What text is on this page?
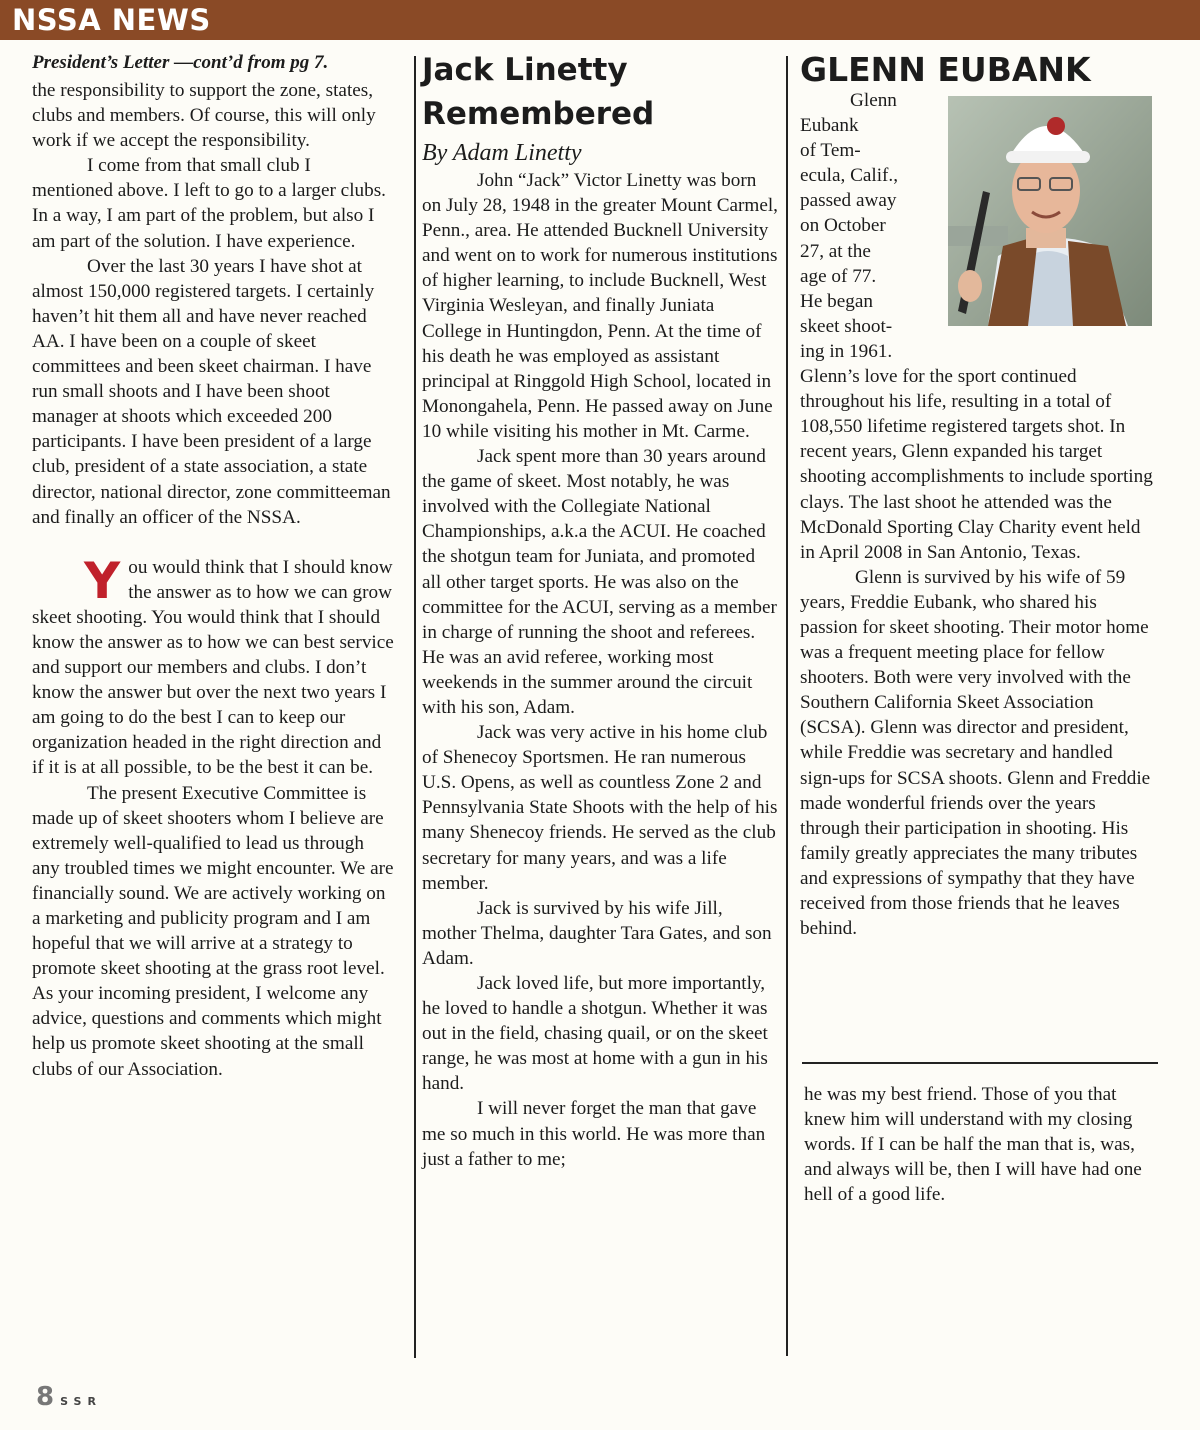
NSSA NEWS
President’s Letter —cont’d from pg 7.

the responsibility to support the zone, states, clubs and members. Of course, this will only work if we accept the responsibility.

I come from that small club I mentioned above. I left to go to a larger clubs. In a way, I am part of the problem, but also I am part of the solution. I have experience.

Over the last 30 years I have shot at almost 150,000 registered targets. I certainly haven’t hit them all and have never reached AA. I have been on a couple of skeet committees and been skeet chairman. I have run small shoots and I have been shoot manager at shoots which exceeded 200 participants. I have been president of a large club, president of a state association, a state director, national director, zone committeeman and finally an officer of the NSSA.

You would think that I should know the answer as to how we can grow skeet shooting. You would think that I should know the answer as to how we can best service and support our members and clubs. I don’t know the answer but over the next two years I am going to do the best I can to keep our organization headed in the right direction and if it is at all possible, to be the best it can be.

The present Executive Committee is made up of skeet shooters whom I believe are extremely well-qualified to lead us through any troubled times we might encounter. We are financially sound. We are actively working on a marketing and publicity program and I am hopeful that we will arrive at a strategy to promote skeet shooting at the grass root level. As your incoming president, I welcome any advice, questions and comments which might help us promote skeet shooting at the small clubs of our Association.

Jack Linetty
Remembered
By Adam Linetty

John “Jack” Victor Linetty was born on July 28, 1948 in the greater Mount Carmel, Penn., area. He attended Bucknell University and went on to work for numerous institutions of higher learning, to include Bucknell, West Virginia Wesleyan, and finally Juniata College in Huntingdon, Penn. At the time of his death he was employed as assistant principal at Ringgold High School, located in Monongahela, Penn. He passed away on June 10 while visiting his mother in Mt. Carme.

Jack spent more than 30 years around the game of skeet. Most notably, he was involved with the Collegiate National Championships, a.k.a the ACUI. He coached the shotgun team for Juniata, and promoted all other target sports. He was also on the committee for the ACUI, serving as a member in charge of running the shoot and referees. He was an avid referee, working most weekends in the summer around the circuit with his son, Adam.

Jack was very active in his home club of Shenecoy Sportsmen. He ran numerous U.S. Opens, as well as countless Zone 2 and Pennsylvania State Shoots with the help of his many Shenecoy friends. He served as the club secretary for many years, and was a life member.

Jack is survived by his wife Jill, mother Thelma, daughter Tara Gates, and son Adam.

Jack loved life, but more importantly, he loved to handle a shotgun. Whether it was out in the field, chasing quail, or on the skeet range, he was most at home with a gun in his hand.

I will never forget the man that gave me so much in this world. He was more than just a father to me;

GLENN EUBANK
Glenn
Eubank
of Tem-
ecula, Calif.,
passed away
on October
27, at the
age of 77.
He began
skeet shoot-
ing in 1961.

Glenn’s love for the sport continued throughout his life, resulting in a total of 108,550 lifetime registered targets shot. In recent years, Glenn expanded his target shooting accomplishments to include sporting clays. The last shoot he attended was the McDonald Sporting Clay Charity event held in April 2008 in San Antonio, Texas.

Glenn is survived by his wife of 59 years, Freddie Eubank, who shared his passion for skeet shooting. Their motor home was a frequent meeting place for fellow shooters. Both were very involved with the Southern California Skeet Association (SCSA). Glenn was director and president, while Freddie was secretary and handled sign-ups for SCSA shoots. Glenn and Freddie made wonderful friends over the years through their participation in shooting. His family greatly appreciates the many tributes and expressions of sympathy that they have received from those friends that he leaves behind.

he was my best friend. Those of you that knew him will understand with my closing words. If I can be half the man that is, was, and always will be, then I will have had one hell of a good life.

8 SSR
